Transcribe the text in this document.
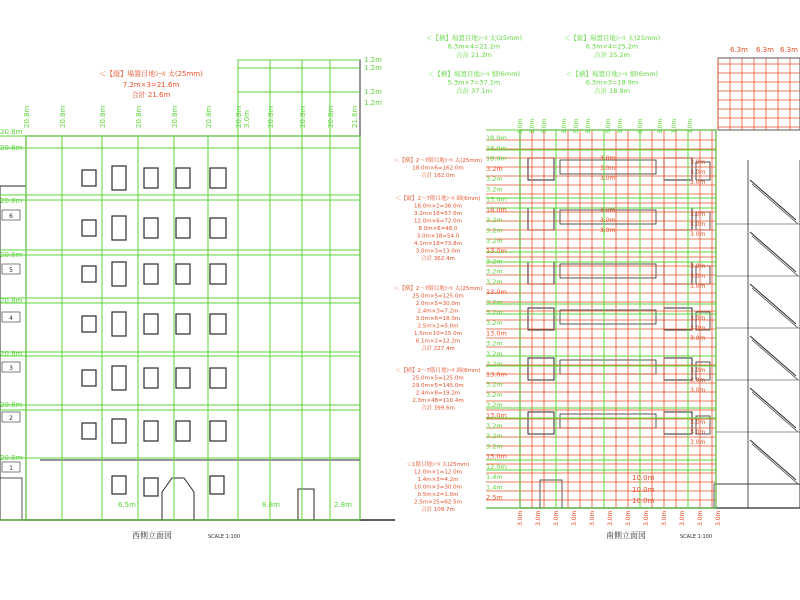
6
5
4
3
2
1
＜【縦】場置目地ｼｰﾙ 太(25mm)
7.2m×3=21.6m
合計 21.6m
3.0m
20.8m	20.8m	20.8m	20.8m	20.8m	20.8m	20.8m	20.8m	20.8m	20.8m 21.6m
1.2m
1.2m
1.2m
1.2m
20.8m
20.8m
20.8m
20.8m
20.8m
20.8m
20.8m
20.8m
6.5m	8.8m	2.8m
西側立面図	SCALE 1:100
＜【横】場置目地ｼｰﾙ 太(25mm)
6.3m×4=21.2m
合計 21.2m
＜【縦】場置目地ｼｰﾙ 太(25mm)
6.3m×4=25.2m
合計 25.2m
＜【横】場置目地ｼｰﾙ 細(6mm)
5.3m×7=37.1m
合計 37.1m
＜【横】場置目地ｼｰﾙ 細(6mm)
6.3m×3=18.9m
合計 18.9m
＜【横】2〜7階目地ｼｰﾙ 太(25mm)
18.0m×6=162.0m
合計 162.0m
＜【縦】2〜7階目地ｼｰﾙ 細(6mm)
18.0m×2=36.0m
3.2m×18=57.6m
12.0m×6=72.0m
8.0m×6=48.0
3.0m×18=54.0
4.1m×18=73.8m
3.0m×3=13.0m
合計 362.4m
＜【横】2〜7階目地ｼｰﾙ 太(25mm)
25.0m×5=125.0m
2.0m×5=30.0m
2.4m×3=7.2m
3.0m×6=18.0m
2.5m×2=5.0m
1.5m×10=15.0m
6.1m×2=12.2m
合計 227.4m
＜【横】2〜7階目地ｼｰﾙ 細(6mm)
25.0m×5=125.0m
29.0m×5=145.0m
2.4m×8=19.2m
2.3m×48=110.4m
合計 399.6m
＜1階目地ｼｰﾙ 太(25mm)
12.0m×1=12.0m
1.4m×3=4.2m
10.0m×3=30.0m
0.5m×2=1.0m
2.5m×25=62.5m
合計 109.7m
18.0m
18.0m
18.0m
3.2m
3.2m
3.2m
13.0m
18.0m
3.2m
3.2m
3.2m
13.0m
3.2m
3.2m
3.2m
13.0m
3.2m
3.2m
3.2m
13.0m
3.2m
3.2m
3.2m
13.0m
3.2m
3.2m
3.2m
13.0m
3.2m
3.2m
3.2m
13.0m
12.0m
1.4m
1.4m
2.5m
6.3m 6.3m 6.3m
3.0m 3.0m 3.0m 3.0m 3.0m 3.0m 3.0m 3.0m 3.0m 3.0m 3.0m 3.0m
3.0m 3.0m 3.0m 3.0m 3.0m 3.0m 3.0m 3.0m 3.0m 3.0m 3.0m 3.0m
3.0m
3.0m
3.0m
3.0m
3.0m
3.0m
3.0m
3.0m
3.0m
3.0m
3.0m
3.0m
3.0m
3.0m
3.0m
3.0m
3.0m
3.0m
3.0m
3.0m
3.0m
3.0m
3.0m
3.0m
10.0m
10.0m
10.0m
南側立面図	SCALE 1:100
